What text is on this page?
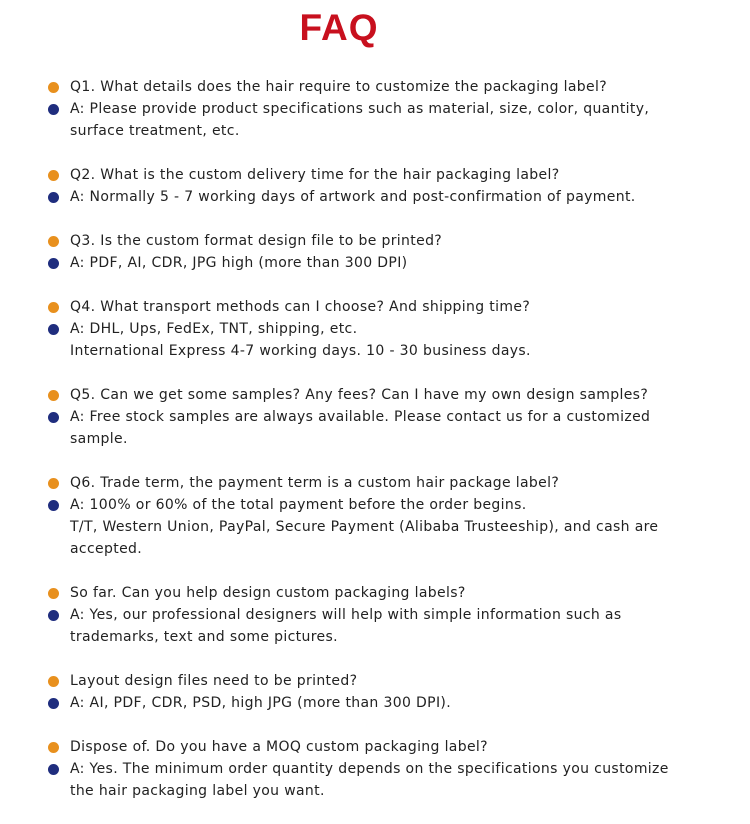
FAQ
Q1. What details does the hair require to customize the packaging label?
A: Please provide product specifications such as material, size, color, quantity,
surface treatment, etc.
Q2. What is the custom delivery time for the hair packaging label?
A: Normally 5 - 7 working days of artwork and post-confirmation of payment.
Q3. Is the custom format design file to be printed?
A: PDF, AI, CDR, JPG high (more than 300 DPI)
Q4. What transport methods can I choose? And shipping time?
A: DHL, Ups, FedEx, TNT, shipping, etc.
International Express 4-7 working days. 10 - 30 business days.
Q5. Can we get some samples? Any fees? Can I have my own design samples?
A: Free stock samples are always available. Please contact us for a customized
sample.
Q6. Trade term, the payment term is a custom hair package label?
A: 100% or 60% of the total payment before the order begins.
T/T, Western Union, PayPal, Secure Payment (Alibaba Trusteeship), and cash are
accepted.
So far. Can you help design custom packaging labels?
A: Yes, our professional designers will help with simple information such as
trademarks, text and some pictures.
Layout design files need to be printed?
A: AI, PDF, CDR, PSD, high JPG (more than 300 DPI).
Dispose of. Do you have a MOQ custom packaging label?
A: Yes. The minimum order quantity depends on the specifications you customize
the hair packaging label you want.
